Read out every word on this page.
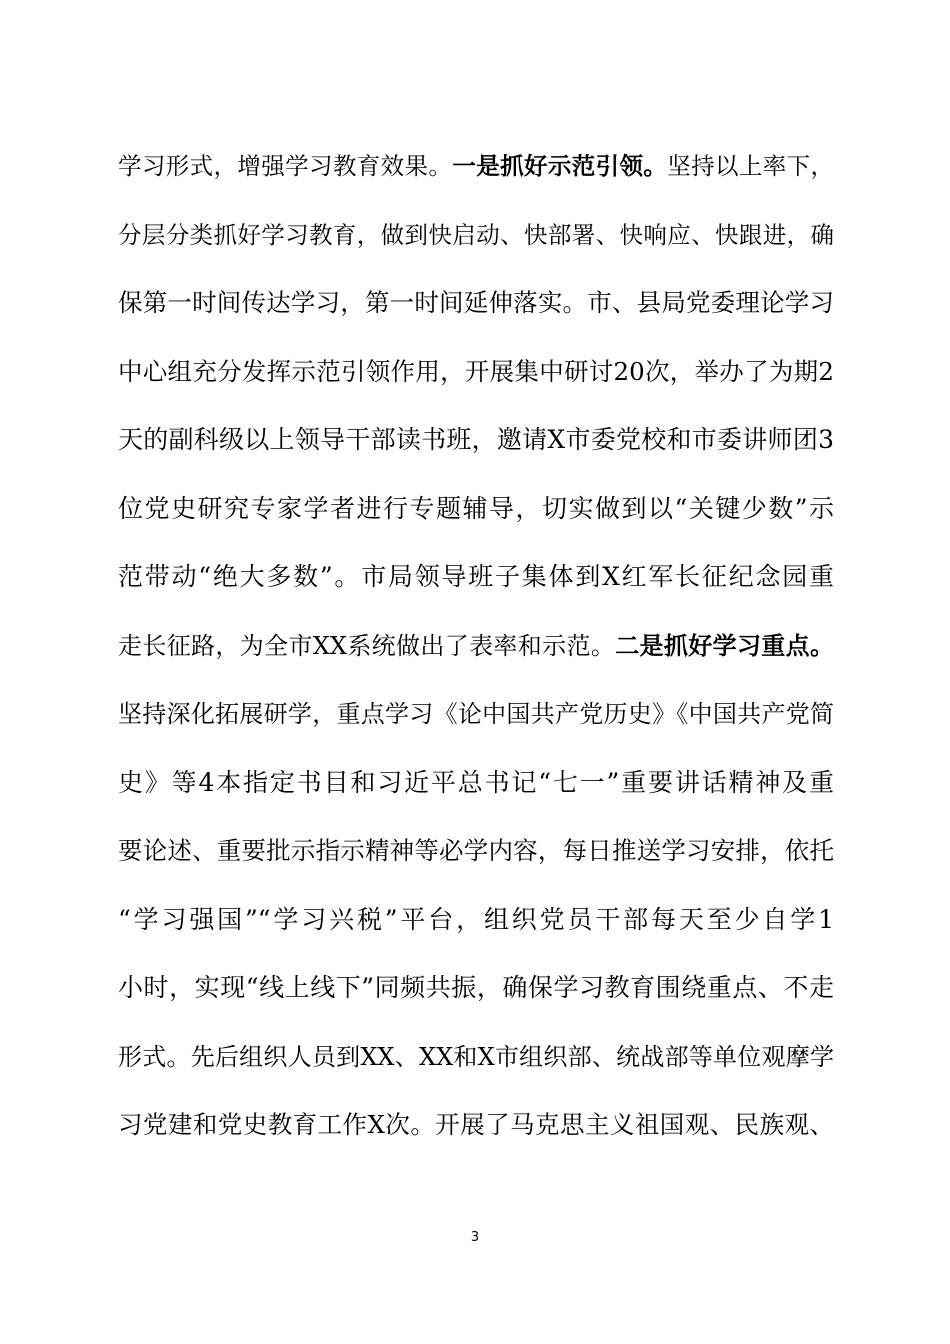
学习形式，增强学习教育效果。一是抓好示范引领。坚持以上率下，
分层分类抓好学习教育，做到快启动、快部署、快响应、快跟进，确
保第一时间传达学习，第一时间延伸落实。市、县局党委理论学习
中心组充分发挥示范引领作用，开展集中研讨20次，举办了为期2
天的副科级以上领导干部读书班，邀请X市委党校和市委讲师团3
位党史研究专家学者进行专题辅导，切实做到以“关键少数”示
范带动“绝大多数”。市局领导班子集体到X红军长征纪念园重
走长征路，为全市XX系统做出了表率和示范。二是抓好学习重点。
坚持深化拓展研学，重点学习《论中国共产党历史》《中国共产党简
史》等4本指定书目和习近平总书记“七一”重要讲话精神及重
要论述、重要批示指示精神等必学内容，每日推送学习安排，依托
“学习强国”“学习兴税”平台，组织党员干部每天至少自学1
小时，实现“线上线下”同频共振，确保学习教育围绕重点、不走
形式。先后组织人员到XX、XX和X市组织部、统战部等单位观摩学
习党建和党史教育工作X次。开展了马克思主义祖国观、民族观、
3
